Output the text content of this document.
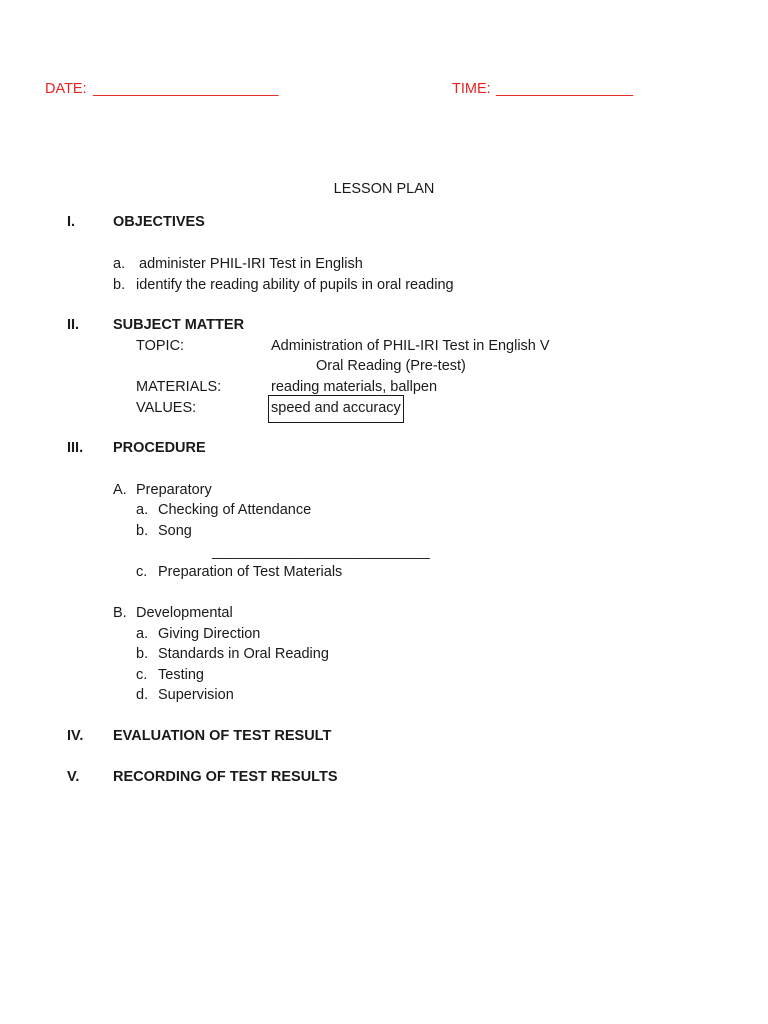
DATE: _______________________	TIME: _________________
LESSON PLAN
I.	OBJECTIVES
a. administer PHIL-IRI Test in English
b. identify the reading ability of pupils in oral reading
II. SUBJECT MATTER
TOPIC:	Administration of PHIL-IRI Test in English V
Oral Reading (Pre-test)
MATERIALS:	reading materials, ballpen
VALUES:	speed and accuracy
III. PROCEDURE
A. Preparatory
a. Checking of Attendance
b. Song
___________________________
c. Preparation of Test Materials
B. Developmental
a. Giving Direction
b. Standards in Oral Reading
c. Testing
d. Supervision
IV. EVALUATION OF TEST RESULT
V. RECORDING OF TEST RESULTS
